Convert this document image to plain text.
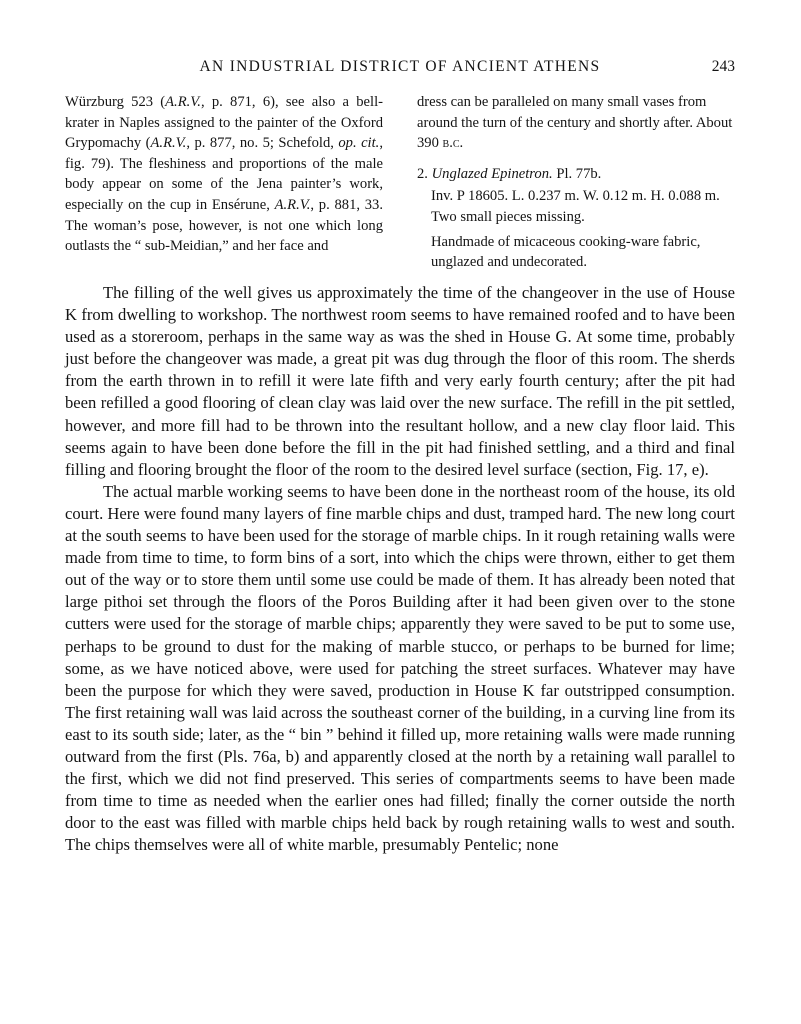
AN INDUSTRIAL DISTRICT OF ANCIENT ATHENS	243

Würzburg 523 (A.R.V., p. 871, 6), see also a bell-krater in Naples assigned to the painter of the Oxford Grypomachy (A.R.V., p. 877, no. 5; Schefold, op. cit., fig. 79). The fleshiness and proportions of the male body appear on some of the Jena painter’s work, especially on the cup in Ensérune, A.R.V., p. 881, 33. The woman’s pose, however, is not one which long outlasts the “ sub-Meidian,” and her face and

dress can be paralleled on many small vases from around the turn of the century and shortly after. About 390 b.c.

2. Unglazed Epinetron. Pl. 77b.

Inv. P 18605. L. 0.237 m. W. 0.12 m. H. 0.088 m. Two small pieces missing.

Handmade of micaceous cooking-ware fabric, unglazed and undecorated.

The filling of the well gives us approximately the time of the changeover in the use of House K from dwelling to workshop. The northwest room seems to have remained roofed and to have been used as a storeroom, perhaps in the same way as was the shed in House G. At some time, probably just before the changeover was made, a great pit was dug through the floor of this room. The sherds from the earth thrown in to refill it were late fifth and very early fourth century; after the pit had been refilled a good flooring of clean clay was laid over the new surface. The refill in the pit settled, however, and more fill had to be thrown into the resultant hollow, and a new clay floor laid. This seems again to have been done before the fill in the pit had finished settling, and a third and final filling and flooring brought the floor of the room to the desired level surface (section, Fig. 17, e).

The actual marble working seems to have been done in the northeast room of the house, its old court. Here were found many layers of fine marble chips and dust, tramped hard. The new long court at the south seems to have been used for the storage of marble chips. In it rough retaining walls were made from time to time, to form bins of a sort, into which the chips were thrown, either to get them out of the way or to store them until some use could be made of them. It has already been noted that large pithoi set through the floors of the Poros Building after it had been given over to the stone cutters were used for the storage of marble chips; apparently they were saved to be put to some use, perhaps to be ground to dust for the making of marble stucco, or perhaps to be burned for lime; some, as we have noticed above, were used for patching the street surfaces. Whatever may have been the purpose for which they were saved, production in House K far outstripped consumption. The first retaining wall was laid across the southeast corner of the building, in a curving line from its east to its south side; later, as the “ bin ” behind it filled up, more retaining walls were made running outward from the first (Pls. 76a, b) and apparently closed at the north by a retaining wall parallel to the first, which we did not find preserved. This series of compartments seems to have been made from time to time as needed when the earlier ones had filled; finally the corner outside the north door to the east was filled with marble chips held back by rough retaining walls to west and south. The chips themselves were all of white marble, presumably Pentelic; none
